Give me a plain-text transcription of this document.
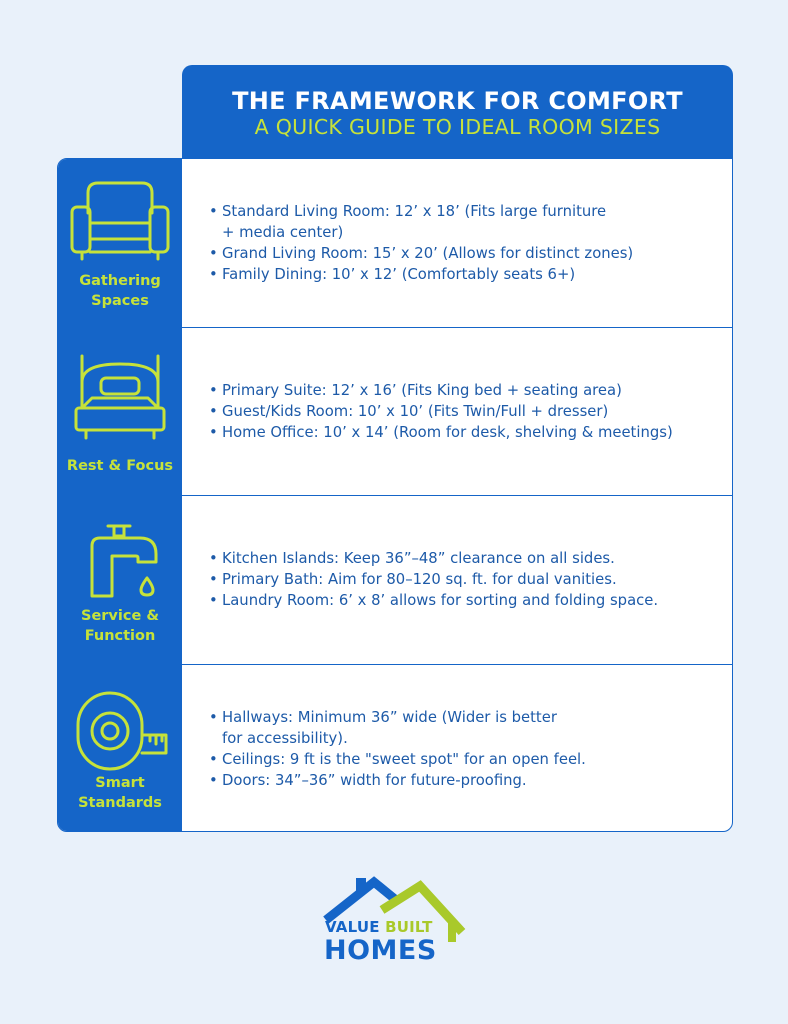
THE FRAMEWORK FOR COMFORT
A QUICK GUIDE TO IDEAL ROOM SIZES
Gathering
Spaces
• Standard Living Room: 12’ x 18’ (Fits large furniture
+ media center)
• Grand Living Room: 15’ x 20’ (Allows for distinct zones)
• Family Dining: 10’ x 12’ (Comfortably seats 6+)
Rest & Focus
• Primary Suite: 12’ x 16’ (Fits King bed + seating area)
• Guest/Kids Room: 10’ x 10’ (Fits Twin/Full + dresser)
• Home Office: 10’ x 14’ (Room for desk, shelving & meetings)
Service &
Function
• Kitchen Islands: Keep 36”–48” clearance on all sides.
• Primary Bath: Aim for 80–120 sq. ft. for dual vanities.
• Laundry Room: 6’ x 8’ allows for sorting and folding space.
Smart
Standards
• Hallways: Minimum 36” wide (Wider is better
for accessibility).
• Ceilings: 9 ft is the "sweet spot" for an open feel.
• Doors: 34”–36” width for future-proofing.
VALUE BUILT
HOMES
